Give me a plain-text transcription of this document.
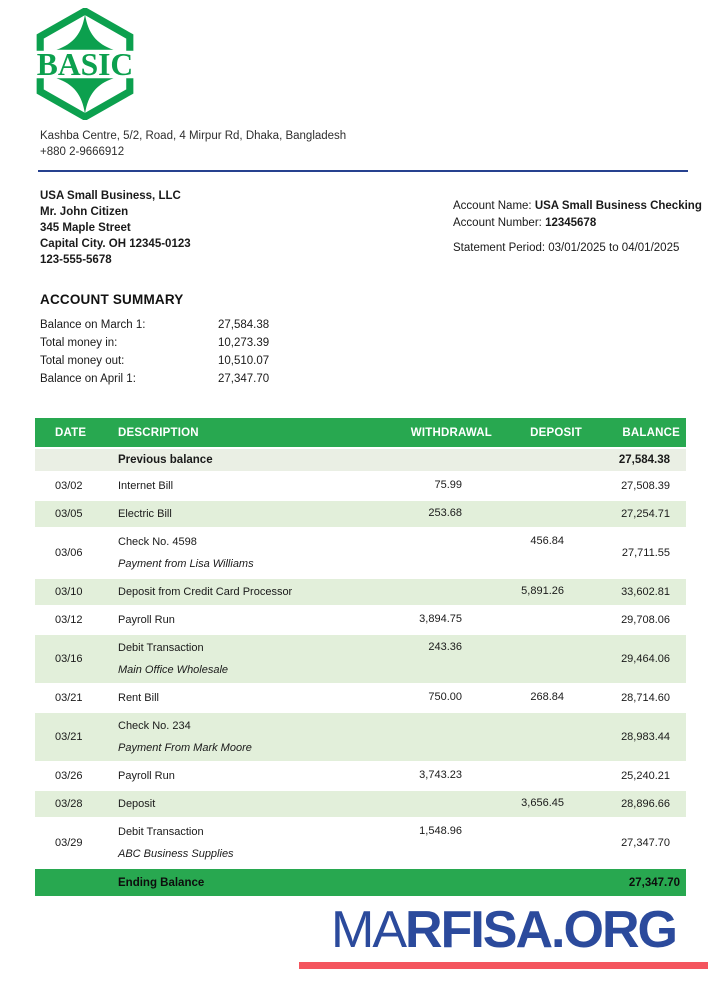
BASIC
Kashba Centre, 5/2, Road, 4 Mirpur Rd, Dhaka, Bangladesh
+880 2-9666912
USA Small Business, LLC
Mr. John Citizen
345 Maple Street
Capital City. OH 12345-0123
123-555-5678
Account Name: USA Small Business Checking
Account Number: 12345678
Statement Period: 03/01/2025 to 04/01/2025
ACCOUNT SUMMARY
Balance on March 1:	27,584.38
Total money in:	10,273.39
Total money out:	10,510.07
Balance on April 1:	27,347.70
DATE	DESCRIPTION	WITHDRAWAL	DEPOSIT	BALANCE
	Previous balance			27,584.38
03/02	Internet Bill	75.99		27,508.39
03/05	Electric Bill	253.68		27,254.71
03/06	Check No. 4598
Payment from Lisa Williams		456.84	27,711.55
03/10	Deposit from Credit Card Processor		5,891.26	33,602.81
03/12	Payroll Run	3,894.75		29,708.06
03/16	Debit Transaction
Main Office Wholesale	243.36		29,464.06
03/21	Rent Bill	750.00	268.84	28,714.60
03/21	Check No. 234
Payment From Mark Moore			28,983.44
03/26	Payroll Run	3,743.23		25,240.21
03/28	Deposit		3,656.45	28,896.66
03/29	Debit Transaction
ABC Business Supplies	1,548.96		27,347.70
	Ending Balance			27,347.70
MARFISA.ORG
